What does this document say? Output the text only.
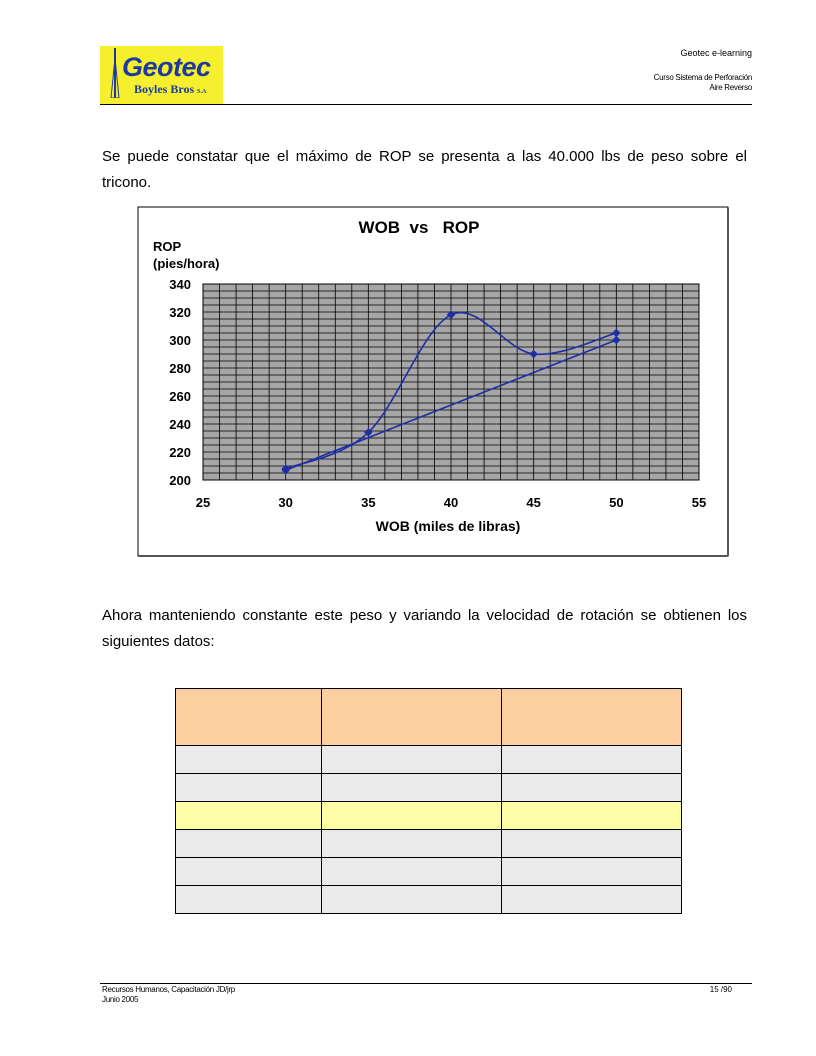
Geotec
Boyles Bros S.A
Geotec e-learning
Curso Sistema de Perforación
Aire Reverso
Se puede constatar que el máximo de ROP se presenta a las 40.000 lbs de peso sobre el tricono.
25	30	35	40	45	50	55
200
220
240
260
280
300
320
340
WOB  vs   ROP
ROP
(pies/hora)
WOB (miles de libras)
Ahora manteniendo constante este peso y variando la velocidad de rotación se obtienen los siguientes datos:

Recursos Humanos, Capacitación JD/jrp
Junio 2005
15 /90
